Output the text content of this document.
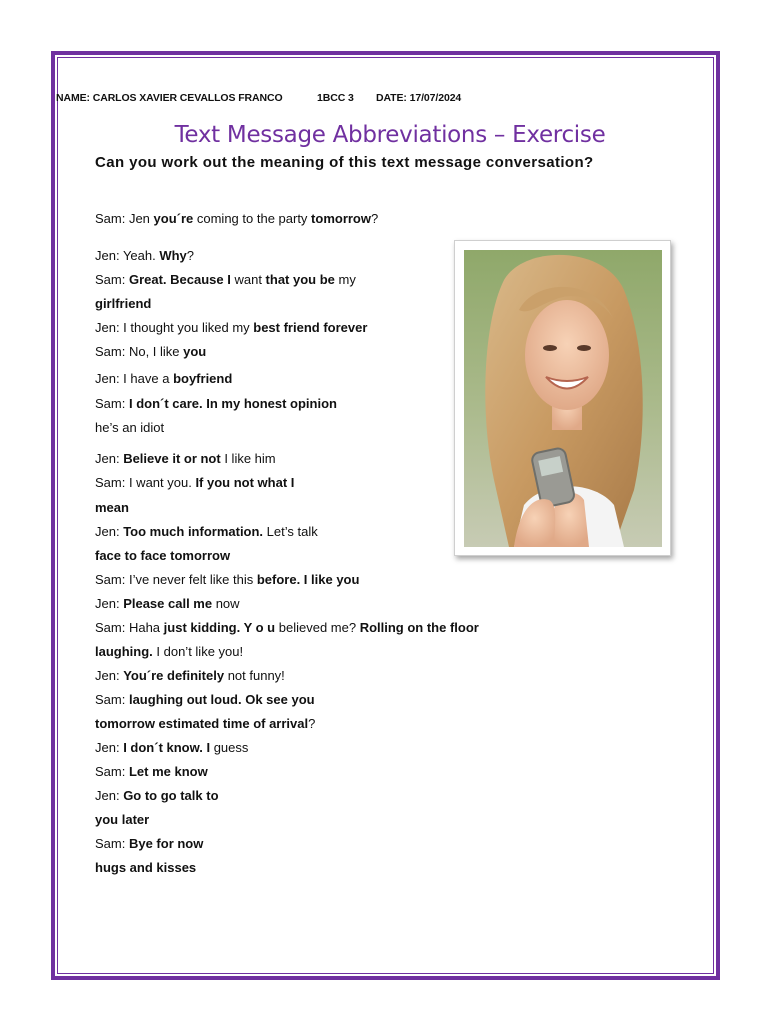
NAME: CARLOS XAVIER CEVALLOS FRANCO	1BCC 3 DATE: 17/07/2024
Text Message Abbreviations – Exercise
Can you work out the meaning of this text message conversation?
Sam: Jen you´re coming to the party tomorrow?
Jen: Yeah. Why?
Sam: Great. Because I want that you be my
girlfriend
Jen: I thought you liked my best friend forever
Sam: No, I like you
Jen: I have a boyfriend
Sam: I don´t care. In my honest opinion
he’s an idiot
Jen: Believe it or not I like him
Sam: I want you. If you not what I
mean
Jen: Too much information. Let’s talk
face to face tomorrow
Sam: I’ve never felt like this before. I like you
Jen: Please call me now
Sam: Haha just kidding. Y o u believed me? Rolling on the floor
laughing. I don’t like you!
Jen: You´re definitely not funny!
Sam: laughing out loud. Ok see you
tomorrow estimated time of arrival?
Jen: I don´t know. I guess
Sam: Let me know
Jen: Go to go talk to
you later
Sam: Bye for now
hugs and kisses
